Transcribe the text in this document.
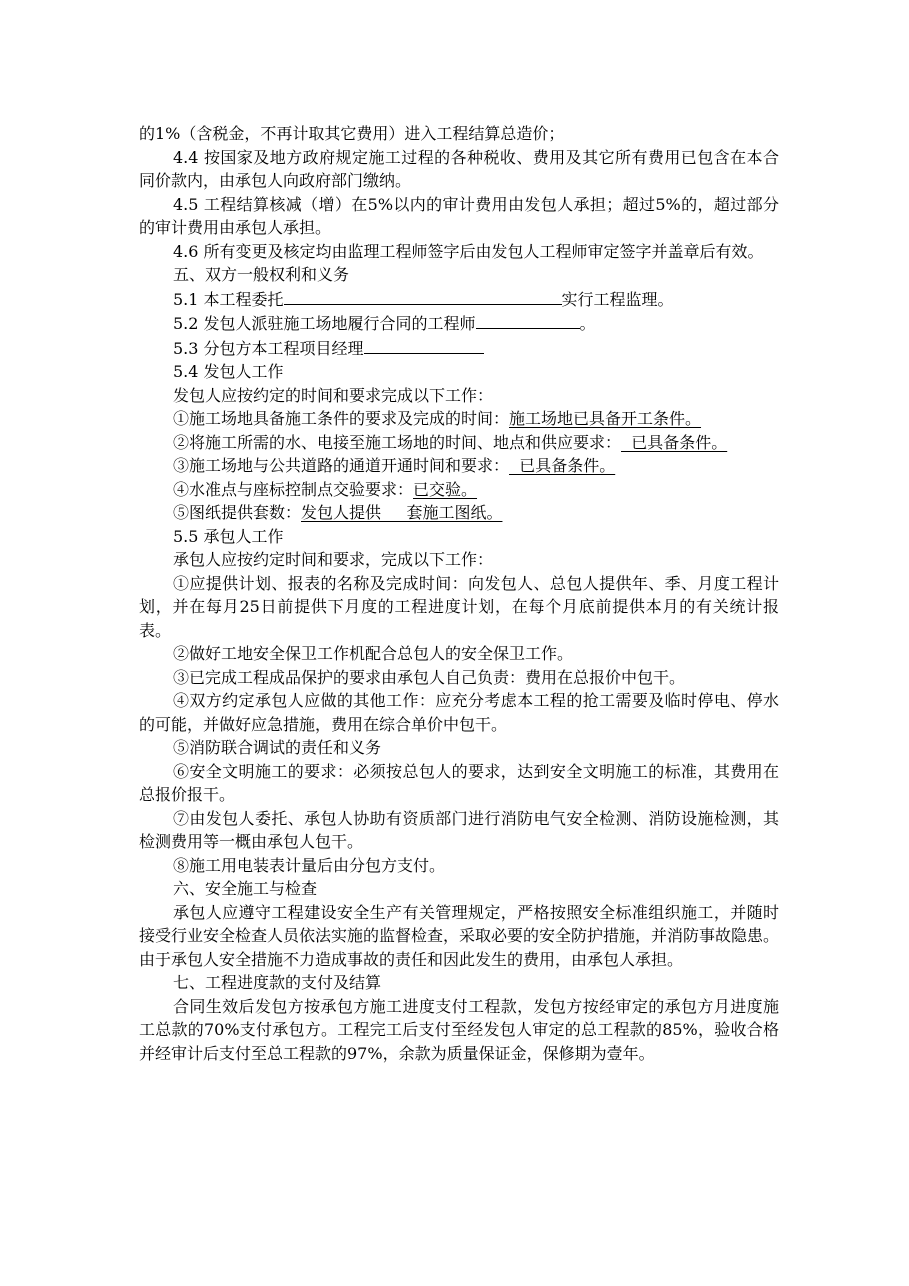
的1%（含税金，不再计取其它费用）进入工程结算总造价；

4.4 按国家及地方政府规定施工过程的各种税收、费用及其它所有费用已包含在本合同价款内，由承包人向政府部门缴纳。

4.5 工程结算核减（增）在5%以内的审计费用由发包人承担；超过5%的，超过部分的审计费用由承包人承担。

4.6 所有变更及核定均由监理工程师签字后由发包人工程师审定签字并盖章后有效。

五、双方一般权利和义务

5.1 本工程委托	实行工程监理。

5.2 发包人派驻施工场地履行合同的工程师	。

5.3 分包方本工程项目经理

5.4 发包人工作

发包人应按约定的时间和要求完成以下工作：

①施工场地具备施工条件的要求及完成的时间：施工场地已具备开工条件。

②将施工所需的水、电接至施工场地的时间、地点和供应要求：  已具备条件。

③施工场地与公共道路的通道开通时间和要求：  已具备条件。

④水准点与座标控制点交验要求：已交验。

⑤图纸提供套数：发包人提供     套施工图纸。

5.5 承包人工作

承包人应按约定时间和要求，完成以下工作：

①应提供计划、报表的名称及完成时间：向发包人、总包人提供年、季、月度工程计划，并在每月25日前提供下月度的工程进度计划，在每个月底前提供本月的有关统计报表。

②做好工地安全保卫工作机配合总包人的安全保卫工作。

③已完成工程成品保护的要求由承包人自己负责：费用在总报价中包干。

④双方约定承包人应做的其他工作：应充分考虑本工程的抢工需要及临时停电、停水的可能，并做好应急措施，费用在综合单价中包干。

⑤消防联合调试的责任和义务

⑥安全文明施工的要求：必须按总包人的要求，达到安全文明施工的标准，其费用在总报价报干。

⑦由发包人委托、承包人协助有资质部门进行消防电气安全检测、消防设施检测，其检测费用等一概由承包人包干。

⑧施工用电装表计量后由分包方支付。

六、安全施工与检查

承包人应遵守工程建设安全生产有关管理规定，严格按照安全标准组织施工，并随时接受行业安全检查人员依法实施的监督检查，采取必要的安全防护措施，并消防事故隐患。由于承包人安全措施不力造成事故的责任和因此发生的费用，由承包人承担。

七、工程进度款的支付及结算

合同生效后发包方按承包方施工进度支付工程款，发包方按经审定的承包方月进度施工总款的70%支付承包方。工程完工后支付至经发包人审定的总工程款的85%，验收合格并经审计后支付至总工程款的97%，余款为质量保证金，保修期为壹年。
